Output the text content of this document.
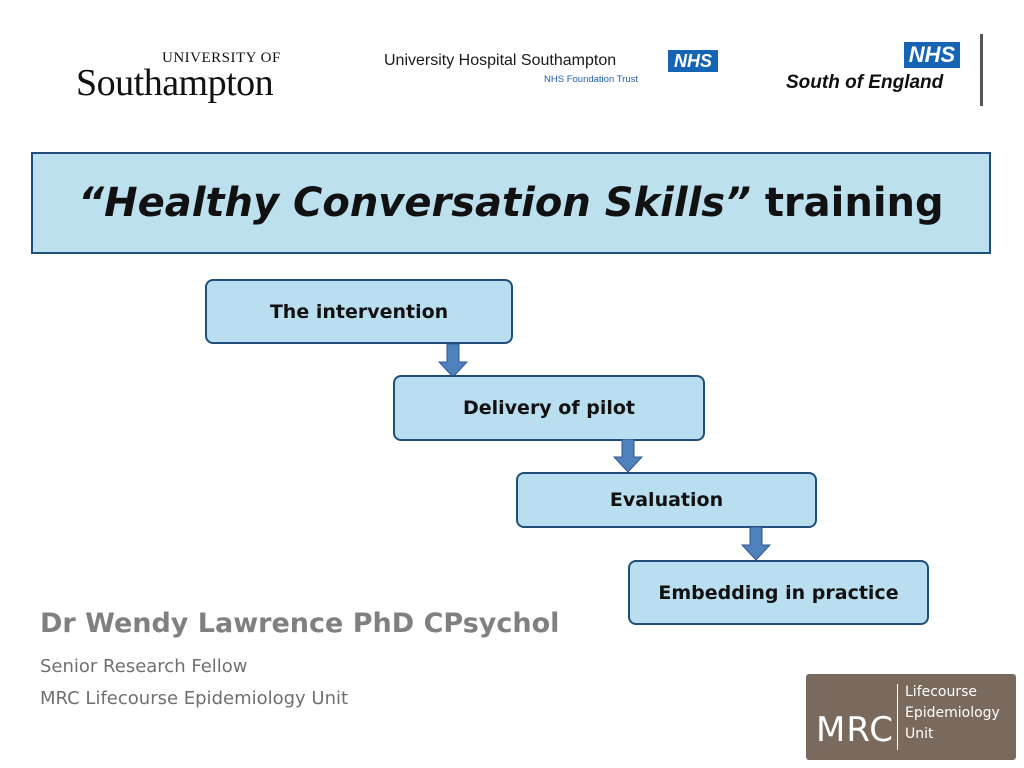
UNIVERSITY OF
Southampton
University Hospital Southampton	NHS
NHS Foundation Trust
NHS
South of England
“Healthy Conversation Skills” training
The intervention
Delivery of pilot
Evaluation
Embedding in practice
Dr Wendy Lawrence PhD CPsychol
Senior Research Fellow
MRC Lifecourse Epidemiology Unit
MRC
Lifecourse
Epidemiology
Unit
